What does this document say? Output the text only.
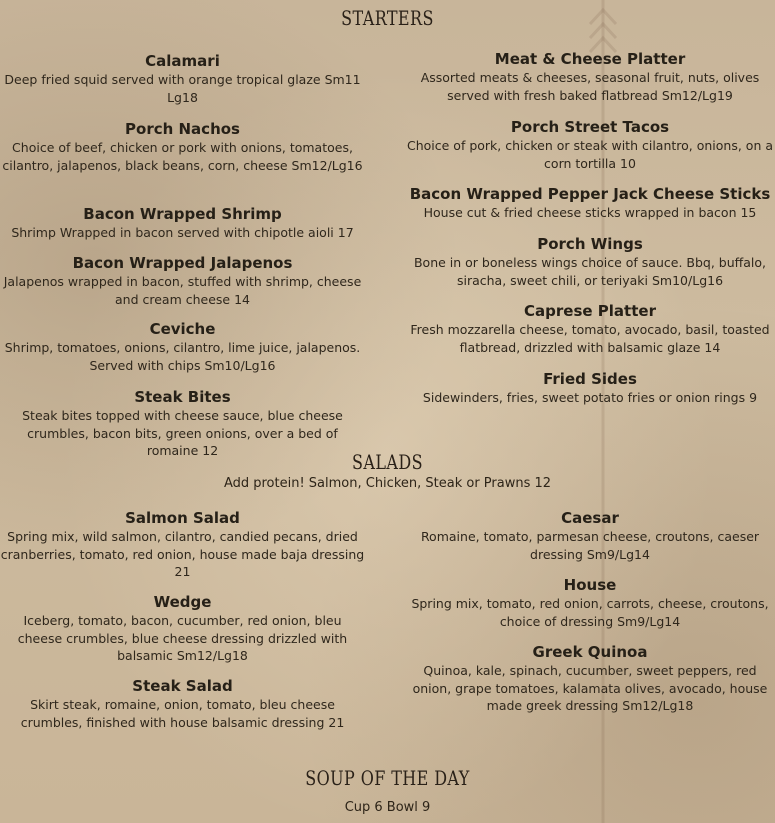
STARTERS
Calamari
Deep fried squid served with orange tropical glaze Sm11 Lg18
Porch Nachos
Choice of beef, chicken or pork with onions, tomatoes, cilantro, jalapenos, black beans, corn, cheese Sm12/Lg16
Bacon Wrapped Shrimp
Shrimp Wrapped in bacon served with chipotle aioli 17
Bacon Wrapped Jalapenos
Jalapenos wrapped in bacon, stuffed with shrimp, cheese and cream cheese 14
Ceviche
Shrimp, tomatoes, onions, cilantro, lime juice, jalapenos. Served with chips Sm10/Lg16
Steak Bites
Steak bites topped with cheese sauce, blue cheese crumbles, bacon bits, green onions, over a bed of romaine 12
Meat & Cheese Platter
Assorted meats & cheeses, seasonal fruit, nuts, olives served with fresh baked flatbread Sm12/Lg19
Porch Street Tacos
Choice of pork, chicken or steak with cilantro, onions, on a corn tortilla 10
Bacon Wrapped Pepper Jack Cheese Sticks
House cut & fried cheese sticks wrapped in bacon 15
Porch Wings
Bone in or boneless wings choice of sauce. Bbq, buffalo, siracha, sweet chili, or teriyaki Sm10/Lg16
Caprese Platter
Fresh mozzarella cheese, tomato, avocado, basil, toasted flatbread, drizzled with balsamic glaze 14
Fried Sides
Sidewinders, fries, sweet potato fries or onion rings 9
SALADS
Add protein! Salmon, Chicken, Steak or Prawns 12
Salmon Salad
Spring mix, wild salmon, cilantro, candied pecans, dried cranberries, tomato, red onion, house made baja dressing 21
Wedge
Iceberg, tomato, bacon, cucumber, red onion, bleu cheese crumbles, blue cheese dressing drizzled with balsamic Sm12/Lg18
Steak Salad
Skirt steak, romaine, onion, tomato, bleu cheese crumbles, finished with house balsamic dressing 21
Caesar
Romaine, tomato, parmesan cheese, croutons, caeser dressing Sm9/Lg14
House
Spring mix, tomato, red onion, carrots, cheese, croutons, choice of dressing Sm9/Lg14
Greek Quinoa
Quinoa, kale, spinach, cucumber, sweet peppers, red onion, grape tomatoes, kalamata olives, avocado, house made greek dressing Sm12/Lg18
SOUP OF THE DAY
Cup 6 Bowl 9
